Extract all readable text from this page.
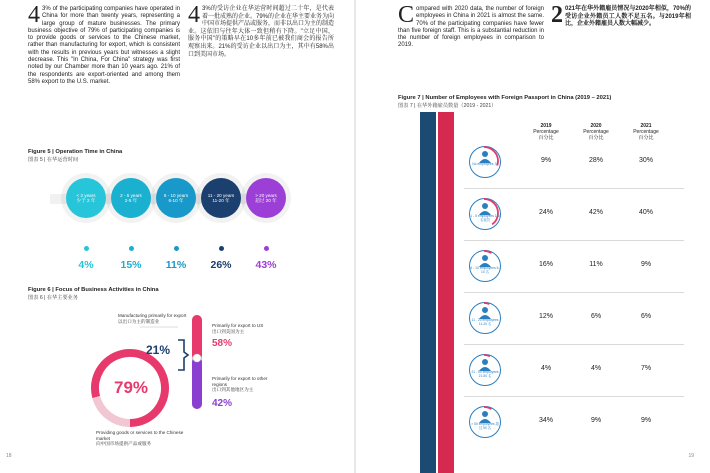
4 3% of the participating companies have operated in China for more than twenty years, representing a large group of mature businesses. The primary business objective of 79% of participating companies is to provide goods or services to the Chinese market, rather than manufacturing for export, which is consistent with the results in previous years but witnesses a slight decrease. This "In China, For China" strategy was first noted by our Chamber more than 10 years ago. 21% of the respondents are export-oriented and among them 58% export to the U.S. market.
4 3%的受访企业在华运营时间超过二十年，是代表着一批成熟的企业。79%的企业在华主要业务为向中国市场提供产品或服务，而非以出口为主的制造业。这依旧与往年大体一致但稍有下降。"立足中国，服务中国"的策略早在10多年前已被我们商会的报告所观察出来。21%的受访企业以出口为主，其中有58%出口到美国市场。
Figure 5 | Operation Time in China
图表 5 | 在华运营时间
< 2 years
少于 2 年
2 - 5 years
2-5 年
6 - 10 years
6-10 年
11 - 20 years
11-20 年
> 20 years
超过 20 年
4%	15%	11%	26%	43%
Figure 6 | Focus of Business Activities in China
图表 6 | 在华主要业务
79%
21%
Manufacturing primarily for export
以出口为主的制造业
Primarily for export to US
出口到美国为主
58%
Primarily for export to other regions
出口到其他地区为主
42%
Providing goods or services to the Chinese market
向中国市场提供产品或服务
18
Compared with 2020 data, the number of foreign employees in China in 2021 is almost the same. 70% of the participating companies have fewer than five foreign staff. This is a substantial reduction in the number of foreign employees in comparison to 2019.
2 021年在华外籍雇员情况与2020年相似，70%的受访企业外籍员工人数不足五名。与2019年相比，企业外籍雇员人数大幅减少。
Figure 7 | Number of Employees with Foreign Passport in China (2019 – 2021)
图表 7 | 在华外籍雇员数量（2019 - 2021）
2019
Percentage
百分比
2020
Percentage
百分比
2021
Percentage
百分比
No employees 无	9%	28%	30%
1 - 5 employees 1-5 名雇员
24%	42%	40%
6 - 10 employees 6-10 名
16%	11%	9%
11 - 20 employees 11-20 名
12%	6%	6%
21 - 50 employees 21-50 名
4%	4%	7%
> 50 employees 超过 50 名
34%	9%	9%
19
